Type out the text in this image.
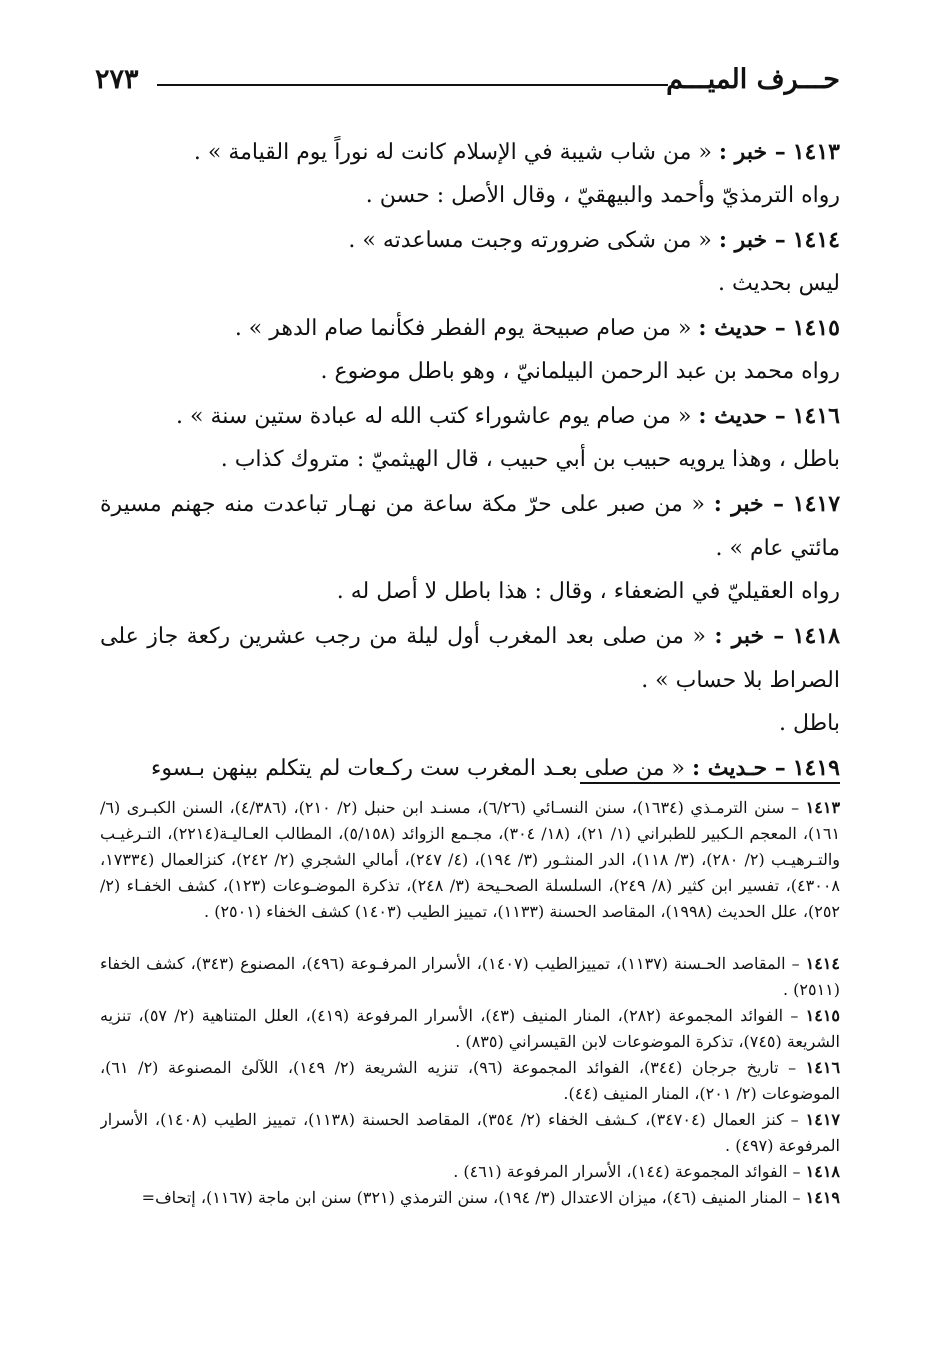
حـــرف الميـــم
٢٧٣
١٤١٣ – خبر : « من شاب شيبة في الإسلام كانت له نوراً يوم القيامة » .
رواه الترمذيّ وأحمد والبيهقيّ ، وقال الأصل : حسن .
١٤١٤ – خبر : « من شكى ضرورته وجبت مساعدته » .
ليس بحديث .
١٤١٥ – حديث : « من صام صبيحة يوم الفطر فكأنما صام الدهر » .
رواه محمد بن عبد الرحمن البيلمانيّ ، وهو باطل موضوع .
١٤١٦ – حديث : « من صام يوم عاشوراء كتب الله له عبادة ستين سنة » .
باطل ، وهذا يرويه حبيب بن أبي حبيب ، قال الهيثميّ : متروك كذاب .
١٤١٧ – خبر : « من صبر على حرّ مكة ساعة من نهـار تباعدت منه جهنم مسيرة مائتي عام » .
رواه العقيليّ في الضعفاء ، وقال : هذا باطل لا أصل له .
١٤١٨ – خبر : « من صلى بعد المغرب أول ليلة من رجب عشرين ركعة جاز على الصراط بلا حساب » .
باطل .
١٤١٩ – حـديث : « من صلى بعـد المغرب ست ركـعات لم يتكلم بينهن بـسوء
١٤١٣ – سنن الترمـذي (١٦٣٤)، سنن النسـائي (٦/٢٦)، مسنـد ابن حنبل (٢/ ٢١٠)، (٤/٣٨٦)، السنن الكبـرى (٦/ ١٦١)، المعجم الـكبير للطبراني (١/ ٢١)، (١٨/ ٣٠٤)، مجـمع الزوائد (٥/١٥٨)، المطالب العـاليـة(٢٢١٤)، التـرغيـب والتـرهيـب (٢/ ٢٨٠)، (٣/ ١١٨)، الدر المنثـور (٣/ ١٩٤)، (٤/ ٢٤٧)، أمالي الشجري (٢/ ٢٤٢)، كنزالعمال (١٧٣٣٤، ٤٣٠٠٨)، تفسير ابن كثير (٨/ ٢٤٩)، السلسلة الصحـيحة (٣/ ٢٤٨)، تذكرة الموضـوعات (١٢٣)، كشف الخفـاء (٢/ ٢٥٢)، علل الحديث (١٩٩٨)، المقاصد الحسنة (١١٣٣)، تمييز الطيب (١٤٠٣) كشف الخفاء (٢٥٠١) .
١٤١٤ – المقاصد الحـسنة (١١٣٧)، تمييزالطيب (١٤٠٧)، الأسرار المرفـوعة (٤٩٦)، المصنوع (٣٤٣)، كشف الخفاء (٢٥١١) .
١٤١٥ – الفوائد المجموعة (٢٨٢)، المنار المنيف (٤٣)، الأسرار المرفوعة (٤١٩)، العلل المتناهية (٢/ ٥٧)، تنزيه الشريعة (٧٤٥)، تذكرة الموضوعات لابن القيسراني (٨٣٥) .
١٤١٦ – تاريخ جرجان (٣٤٤)، الفوائد المجموعة (٩٦)، تنزيه الشريعة (٢/ ١٤٩)، اللآلئ المصنوعة (٢/ ٦١)، الموضوعات (٢/ ٢٠١)، المنار المنيف (٤٤).
١٤١٧ – كنز العمال (٣٤٧٠٤)، كـشف الخفاء (٢/ ٣٥٤)، المقاصد الحسنة (١١٣٨)، تمييز الطيب (١٤٠٨)، الأسرار المرفوعة (٤٩٧) .
١٤١٨ – الفوائد المجموعة (١٤٤)، الأسرار المرفوعة (٤٦١) .
١٤١٩ – المنار المنيف (٤٦)، ميزان الاعتدال (٣/ ١٩٤)، سنن الترمذي (٣٢١) سنن ابن ماجة (١١٦٧)، إتحاف=
